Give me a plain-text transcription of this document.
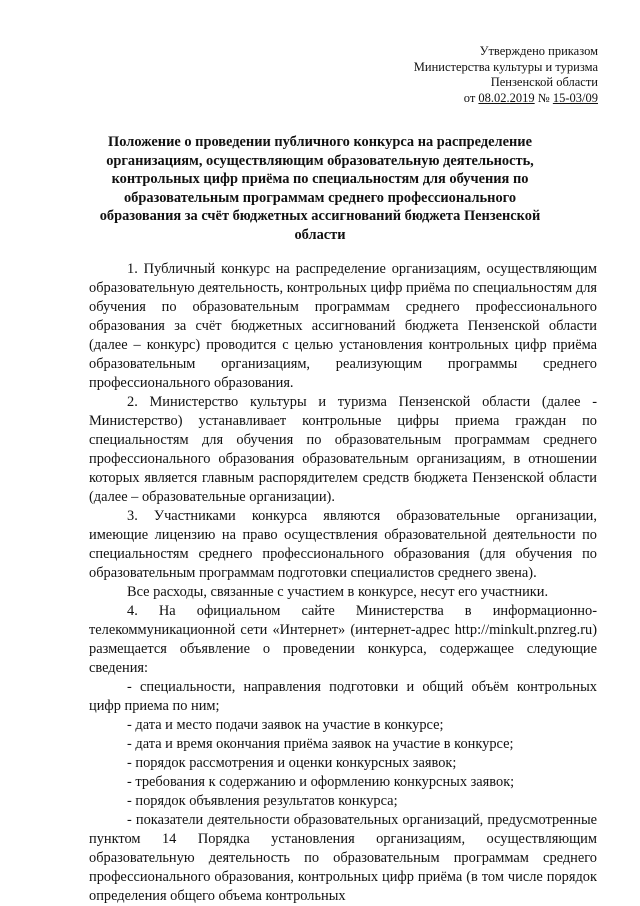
Утверждено приказом
Министерства культуры и туризма
Пензенской области
от 08.02.2019 № 15-03/09
Положение о проведении публичного конкурса на распределение организациям, осуществляющим образовательную деятельность, контрольных цифр приёма по специальностям для обучения по образовательным программам среднего профессионального образования за счёт бюджетных ассигнований бюджета Пензенской области

1. Публичный конкурс на распределение организациям, осуществляющим образовательную деятельность, контрольных цифр приёма по специальностям для обучения по образовательным программам среднего профессионального образования за счёт бюджетных ассигнований бюджета Пензенской области (далее – конкурс) проводится с целью установления контрольных цифр приёма образовательным организациям, реализующим программы среднего профессионального образования.

2. Министерство культуры и туризма Пензенской области (далее - Министерство) устанавливает контрольные цифры приема граждан по специальностям для обучения по образовательным программам среднего профессионального образования образовательным организациям, в отношении которых является главным распорядителем средств бюджета Пензенской области (далее – образовательные организации).

3. Участниками конкурса являются образовательные организации, имеющие лицензию на право осуществления образовательной деятельности по специальностям среднего профессионального образования (для обучения по образовательным программам подготовки специалистов среднего звена).

Все расходы, связанные с участием в конкурсе, несут его участники.

4. На официальном сайте Министерства в информационно-телекоммуникационной сети «Интернет» (интернет-адрес http://minkult.pnzreg.ru) размещается объявление о проведении конкурса, содержащее следующие сведения:

- специальности, направления подготовки и общий объём контрольных цифр приема по ним;

- дата и место подачи заявок на участие в конкурсе;

- дата и время окончания приёма заявок на участие в конкурсе;

- порядок рассмотрения и оценки конкурсных заявок;

- требования к содержанию и оформлению конкурсных заявок;

- порядок объявления результатов конкурса;

- показатели деятельности образовательных организаций, предусмотренные пунктом 14 Порядка установления организациям, осуществляющим образовательную деятельность по образовательным программам среднего профессионального образования, контрольных цифр приёма (в том числе порядок определения общего объема контрольных
